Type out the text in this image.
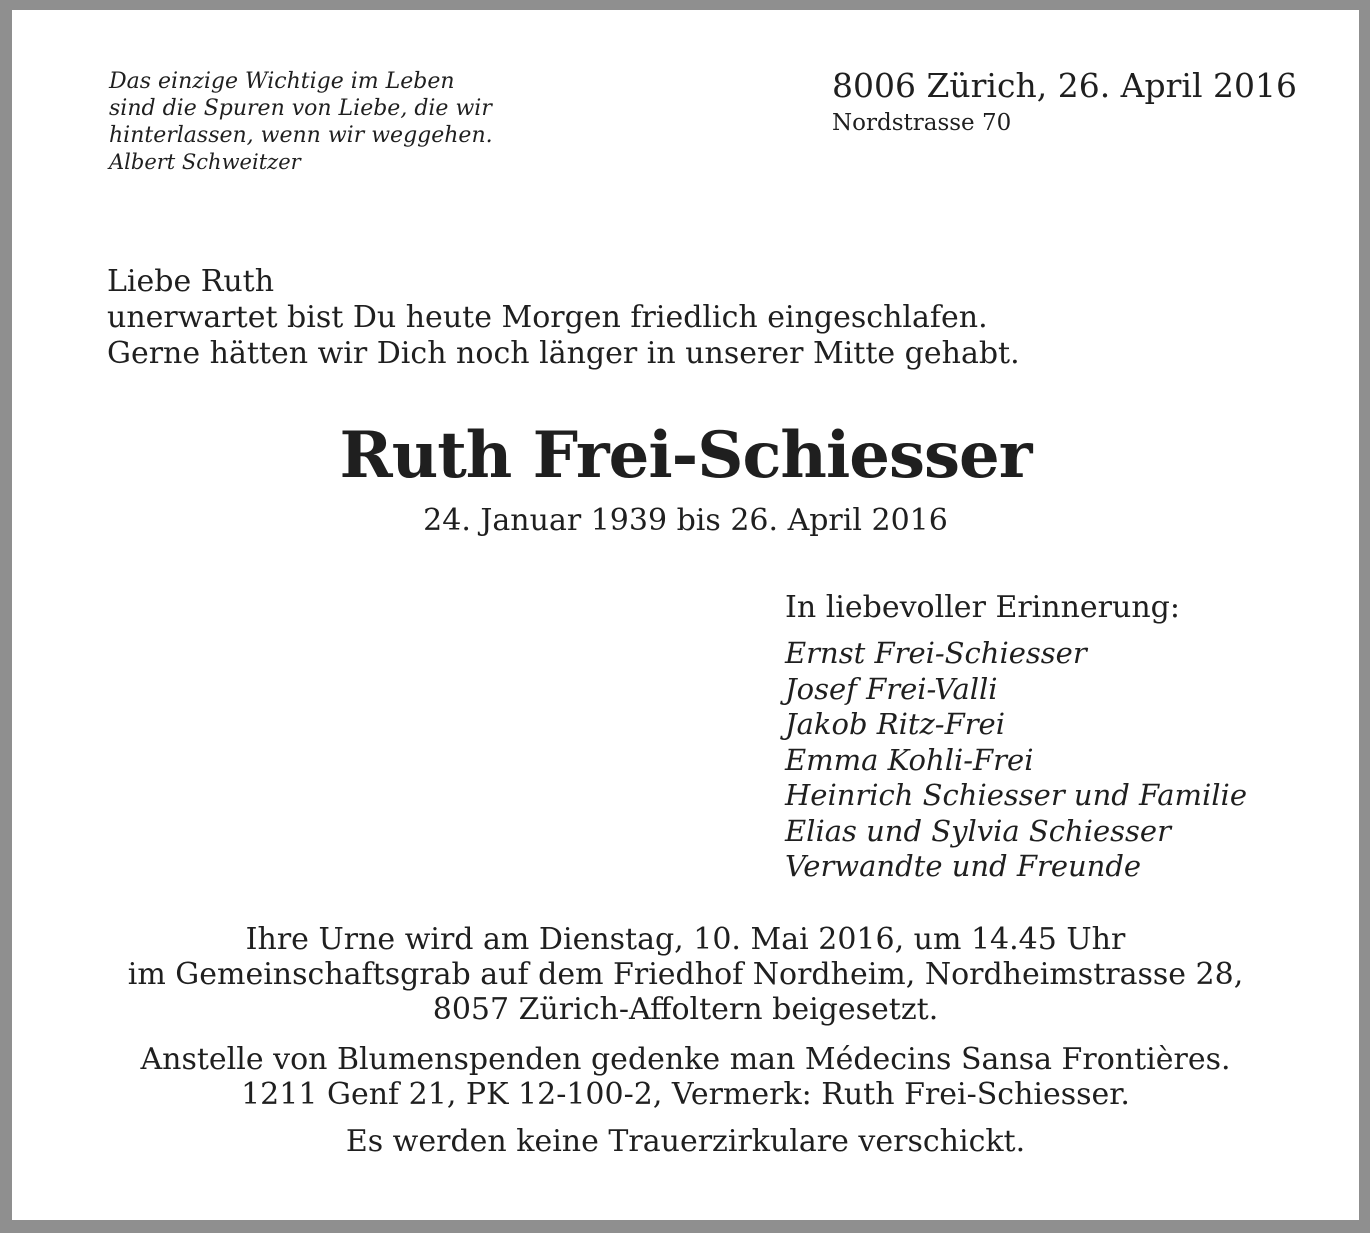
Das einzige Wichtige im Leben
sind die Spuren von Liebe, die wir
hinterlassen, wenn wir weggehen.
Albert Schweitzer
8006 Zürich, 26. April 2016
Nordstrasse 70
Liebe Ruth
unerwartet bist Du heute Morgen friedlich eingeschlafen.
Gerne hätten wir Dich noch länger in unserer Mitte gehabt.
Ruth Frei-Schiesser
24. Januar 1939 bis 26. April 2016
In liebevoller Erinnerung:
Ernst Frei-Schiesser
Josef Frei-Valli
Jakob Ritz-Frei
Emma Kohli-Frei
Heinrich Schiesser und Familie
Elias und Sylvia Schiesser
Verwandte und Freunde
Ihre Urne wird am Dienstag, 10. Mai 2016, um 14.45 Uhr
im Gemeinschaftsgrab auf dem Friedhof Nordheim, Nordheimstrasse 28,
8057 Zürich-Affoltern beigesetzt.
Anstelle von Blumenspenden gedenke man Médecins Sansa Frontières.
1211 Genf 21, PK 12-100-2, Vermerk: Ruth Frei-Schiesser.
Es werden keine Trauerzirkulare verschickt.
